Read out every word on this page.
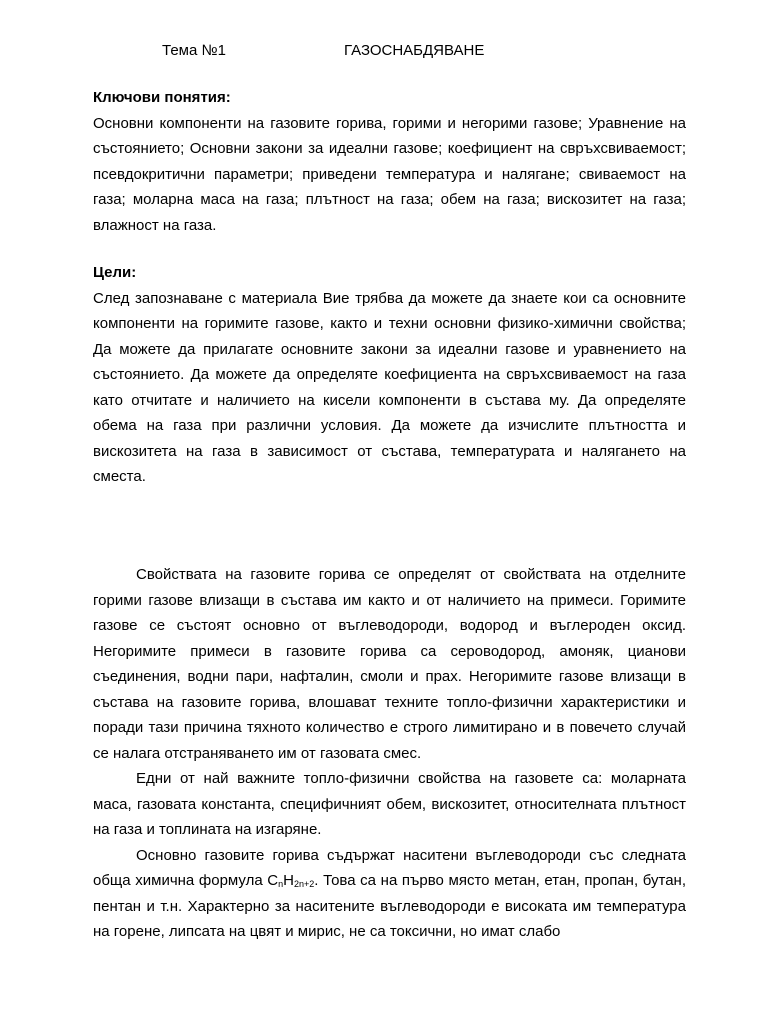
Тема №1	ГАЗОСНАБДЯВАНЕ
Ключови понятия:

Основни компоненти на газовите горива, горими и негорими газове; Уравнение на състоянието; Основни закони за идеални газове; коефициент на свръхсвиваемост; псевдокритични параметри; приведени температура и налягане; свиваемост на газа; моларна маса на газа; плътност на газа; обем на газа; вискозитет на газа; влажност на газа.

Цели:

След запознаване с материала Вие трябва да можете да знаете кои са основните компоненти на горимите газове, както и техни основни физико-химични свойства; Да можете да прилагате основните закони за идеални газове и уравнението на състоянието. Да можете да определяте коефициента на свръхсвиваемост на газа като отчитате и наличието на кисели компоненти в състава му. Да определяте обема на газа при различни условия. Да можете да изчислите плътността и вискозитета на газа в зависимост от състава, температурата и налягането на сместа.

Свойствата на газовите горива се определят от свойствата на отделните горими газове влизащи в състава им както и от наличието на примеси. Горимите газове се състоят основно от въглеводороди, водород и въглероден оксид. Негоримите примеси в газовите горива са сероводород, амоняк, цианови съединения, водни пари, нафталин, смоли и прах. Негоримите газове влизащи в състава на газовите горива, влошават техните топло-физични характеристики и поради тази причина тяхното количество е строго лимитирано и в повечето случай се налага отстраняването им от газовата смес.

Едни от най важните топло-физични свойства на газовете са: моларната маса, газовата константа, специфичният обем, вискозитет, относителната плътност на газа и топлината на изгаряне.

Основно газовите горива съдържат наситени въглеводороди със следната обща химична формула $C_nH_{2n+2}$. Това са на първо място метан, етан, пропан, бутан, пентан и т.н. Характерно за наситените въглеводороди е високата им температура на горене, липсата на цвят и мирис, не са токсични, но имат слабо
